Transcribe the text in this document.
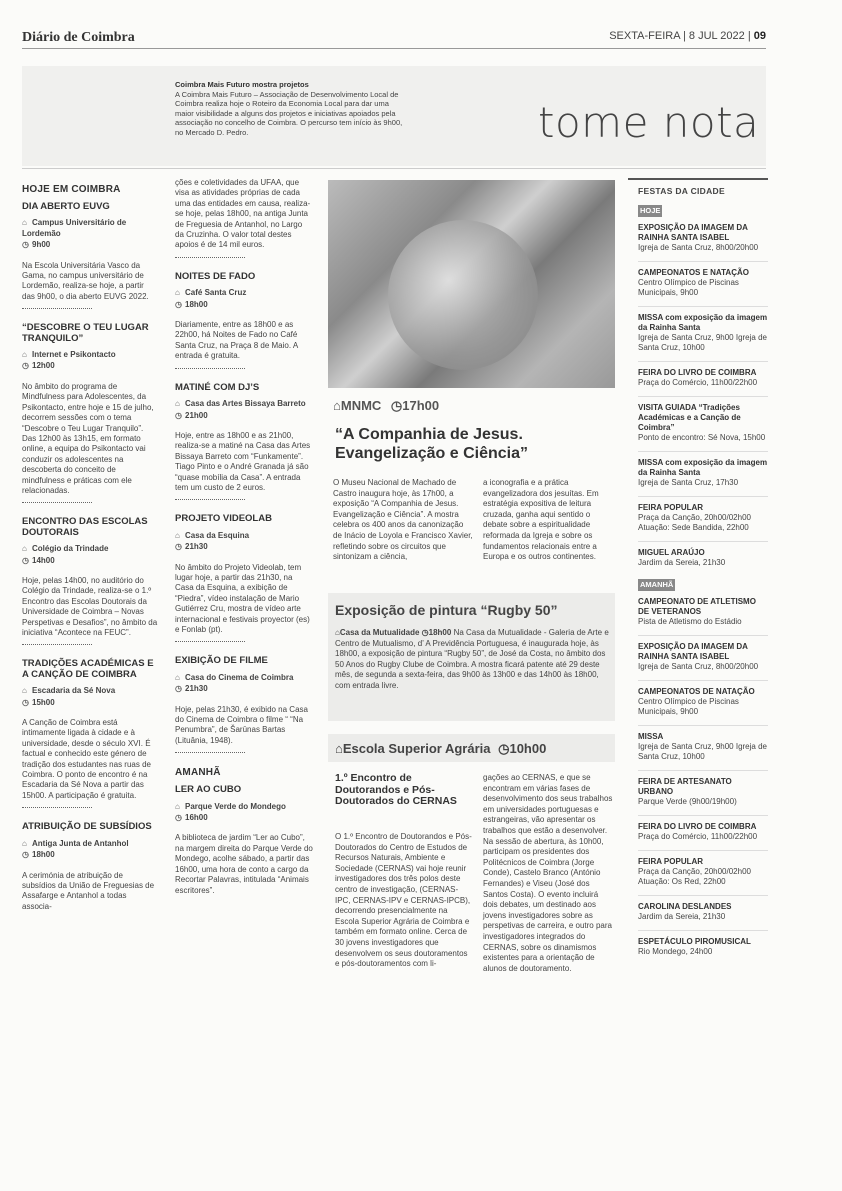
Diário de Coimbra	SEXTA-FEIRA | 8 JUL 2022 | 09
Coimbra Mais Futuro mostra projetos
A Coimbra Mais Futuro – Associação de Desenvolvimento Local de Coimbra realiza hoje o Roteiro da Economia Local para dar uma maior visibilidade a alguns dos projetos e iniciativas apoiados pela associação no concelho de Coimbra. O percurso tem início às 9h00, no Mercado D. Pedro.	tome nota
HOJE EM COIMBRA
DIA ABERTO EUVG
⌂ Campus Universitário de Lordemão
◷ 9h00
Na Escola Universitária Vasco da Gama, no campus universitário de Lordemão, realiza-se hoje, a partir das 9h00, o dia aberto EUVG 2022.
“DESCOBRE O TEU LUGAR TRANQUILO”
⌂ Internet e Psikontacto
◷ 12h00
No âmbito do programa de Mindfulness para Adolescentes, da Psikontacto, entre hoje e 15 de julho, decorrem sessões com o tema “Descobre o Teu Lugar Tranquilo”. Das 12h00 às 13h15, em formato online, a equipa do Psikontacto vai conduzir os adolescentes na descoberta do conceito de mindfulness e práticas com ele relacionadas.
ENCONTRO DAS ESCOLAS DOUTORAIS
⌂ Colégio da Trindade
◷ 14h00
Hoje, pelas 14h00, no auditório do Colégio da Trindade, realiza-se o 1.º Encontro das Escolas Doutorais da Universidade de Coimbra – Novas Perspetivas e Desafios”, no âmbito da iniciativa “Acontece na FEUC”.
TRADIÇÕES ACADÉMICAS E A CANÇÃO DE COIMBRA
⌂ Escadaria da Sé Nova
◷ 15h00
A Canção de Coimbra está intimamente ligada à cidade e à universidade, desde o século XVI. É factual e conhecido este género de tradição dos estudantes nas ruas de Coimbra. O ponto de encontro é na Escadaria da Sé Nova a partir das 15h00. A participação é gratuita.
ATRIBUIÇÃO DE SUBSÍDIOS
⌂ Antiga Junta de Antanhol
◷ 18h00
A cerimónia de atribuição de subsídios da União de Freguesias de Assafarge e Antanhol a todas associa-
ções e coletividades da UFAA, que visa as atividades próprias de cada uma das entidades em causa, realiza-se hoje, pelas 18h00, na antiga Junta de Freguesia de Antanhol, no Largo da Cruzinha. O valor total destes apoios é de 14 mil euros.
NOITES DE FADO
⌂ Café Santa Cruz
◷ 18h00
Diariamente, entre as 18h00 e as 22h00, há Noites de Fado no Café Santa Cruz, na Praça 8 de Maio. A entrada é gratuita.
MATINÉ COM DJ’S
⌂ Casa das Artes Bissaya Barreto
◷ 21h00
Hoje, entre as 18h00 e as 21h00, realiza-se a matiné na Casa das Artes Bissaya Barreto com “Funkamente”. Tiago Pinto e o André Granada já são “quase mobília da Casa”. A entrada tem um custo de 2 euros.
PROJETO VIDEOLAB
⌂ Casa da Esquina
◷ 21h30
No âmbito do Projeto Videolab, tem lugar hoje, a partir das 21h30, na Casa da Esquina, a exibição de “Piedra”, vídeo instalação de Mario Gutiérrez Cru, mostra de vídeo arte internacional e festivais proyector (es) e Fonlab (pt).
EXIBIÇÃO DE FILME
⌂ Casa do Cinema de Coimbra
◷ 21h30
Hoje, pelas 21h30, é exibido na Casa do Cinema de Coimbra o filme “ “Na Penumbra”, de Šarūnas Bartas (Lituânia, 1948).
AMANHÃ
LER AO CUBO
⌂ Parque Verde do Mondego
◷ 16h00
A biblioteca de jardim “Ler ao Cubo”, na margem direita do Parque Verde do Mondego, acolhe sábado, a partir das 16h00, uma hora de conto a cargo da Recortar Palavras, intitulada “Animais escritores”.
⌂MNMC ◷17h00
“A Companhia de Jesus. Evangelização e Ciência”
O Museu Nacional de Machado de Castro inaugura hoje, às 17h00, a exposição “A Companhia de Jesus. Evangelização e Ciência”. A mostra celebra os 400 anos da canonização de Inácio de Loyola e Francisco Xavier, refletindo sobre os circuitos que sintonizam a ciência,
a iconografia e a prática evangelizadora dos jesuítas. Em estratégia expositiva de leitura cruzada, ganha aqui sentido o debate sobre a espiritualidade reformada da Igreja e sobre os fundamentos relacionais entre a Europa e os outros continentes.
Exposição de pintura “Rugby 50”
⌂Casa da Mutualidade ◷18h00 Na Casa da Mutualidade - Galeria de Arte e Centro de Mutualismo, d’ A Previdência Portuguesa, é inaugurada hoje, às 18h00, a exposição de pintura “Rugby 50”, de José da Costa, no âmbito dos 50 Anos do Rugby Clube de Coimbra. A mostra ficará patente até 29 deste mês, de segunda a sexta-feira, das 9h00 às 13h00 e das 14h00 às 18h00, com entrada livre.
⌂Escola Superior Agrária ◷10h00
1.º Encontro de Doutorandos e Pós-Doutorados do CERNAS
O 1.º Encontro de Doutorandos e Pós-Doutorados do Centro de Estudos de Recursos Naturais, Ambiente e Sociedade (CERNAS) vai hoje reunir investigadores dos três polos deste centro de investigação, (CERNAS-IPC, CERNAS-IPV e CERNAS-IPCB), decorrendo presencialmente na Escola Superior Agrária de Coimbra e também em formato online. Cerca de 30 jovens investigadores que desenvolvem os seus doutoramentos e pós-doutoramentos com li-
gações ao CERNAS, e que se encontram em várias fases de desenvolvimento dos seus trabalhos em universidades portuguesas e estrangeiras, vão apresentar os trabalhos que estão a desenvolver. Na sessão de abertura, às 10h00, participam os presidentes dos Politécnicos de Coimbra (Jorge Conde), Castelo Branco (António Fernandes) e Viseu (José dos Santos Costa). O evento incluirá dois debates, um destinado aos jovens investigadores sobre as perspetivas de carreira, e outro para investigadores integrados do CERNAS, sobre os dinamismos existentes para a orientação de alunos de doutoramento.
FESTAS DA CIDADE
HOJE
EXPOSIÇÃO DA IMAGEM DA RAINHA SANTA ISABEL
Igreja de Santa Cruz, 8h00/20h00
CAMPEONATOS E NATAÇÃO
Centro Olímpico de Piscinas Municipais, 9h00
MISSA com exposição da imagem da Rainha Santa
Igreja de Santa Cruz, 9h00 Igreja de Santa Cruz, 10h00
FEIRA DO LIVRO DE COIMBRA
Praça do Comércio, 11h00/22h00
VISITA GUIADA “Tradições Académicas e a Canção de Coimbra”
Ponto de encontro: Sé Nova, 15h00
MISSA com exposição da imagem da Rainha Santa
Igreja de Santa Cruz, 17h30
FEIRA POPULAR
Praça da Canção, 20h00/02h00 Atuação: Sede Bandida, 22h00
MIGUEL ARAÚJO
Jardim da Sereia, 21h30
AMANHÃ
CAMPEONATO DE ATLETISMO DE VETERANOS
Pista de Atletismo do Estádio
EXPOSIÇÃO DA IMAGEM DA RAINHA SANTA ISABEL
Igreja de Santa Cruz, 8h00/20h00
CAMPEONATOS DE NATAÇÃO
Centro Olímpico de Piscinas Municipais, 9h00
MISSA
Igreja de Santa Cruz, 9h00 Igreja de Santa Cruz, 10h00
FEIRA DE ARTESANATO URBANO
Parque Verde (9h00/19h00)
FEIRA DO LIVRO DE COIMBRA
Praça do Comércio, 11h00/22h00
FEIRA POPULAR
Praça da Canção, 20h00/02h00 Atuação: Os Red, 22h00
CAROLINA DESLANDES
Jardim da Sereia, 21h30
ESPETÁCULO PIROMUSICAL
Rio Mondego, 24h00
